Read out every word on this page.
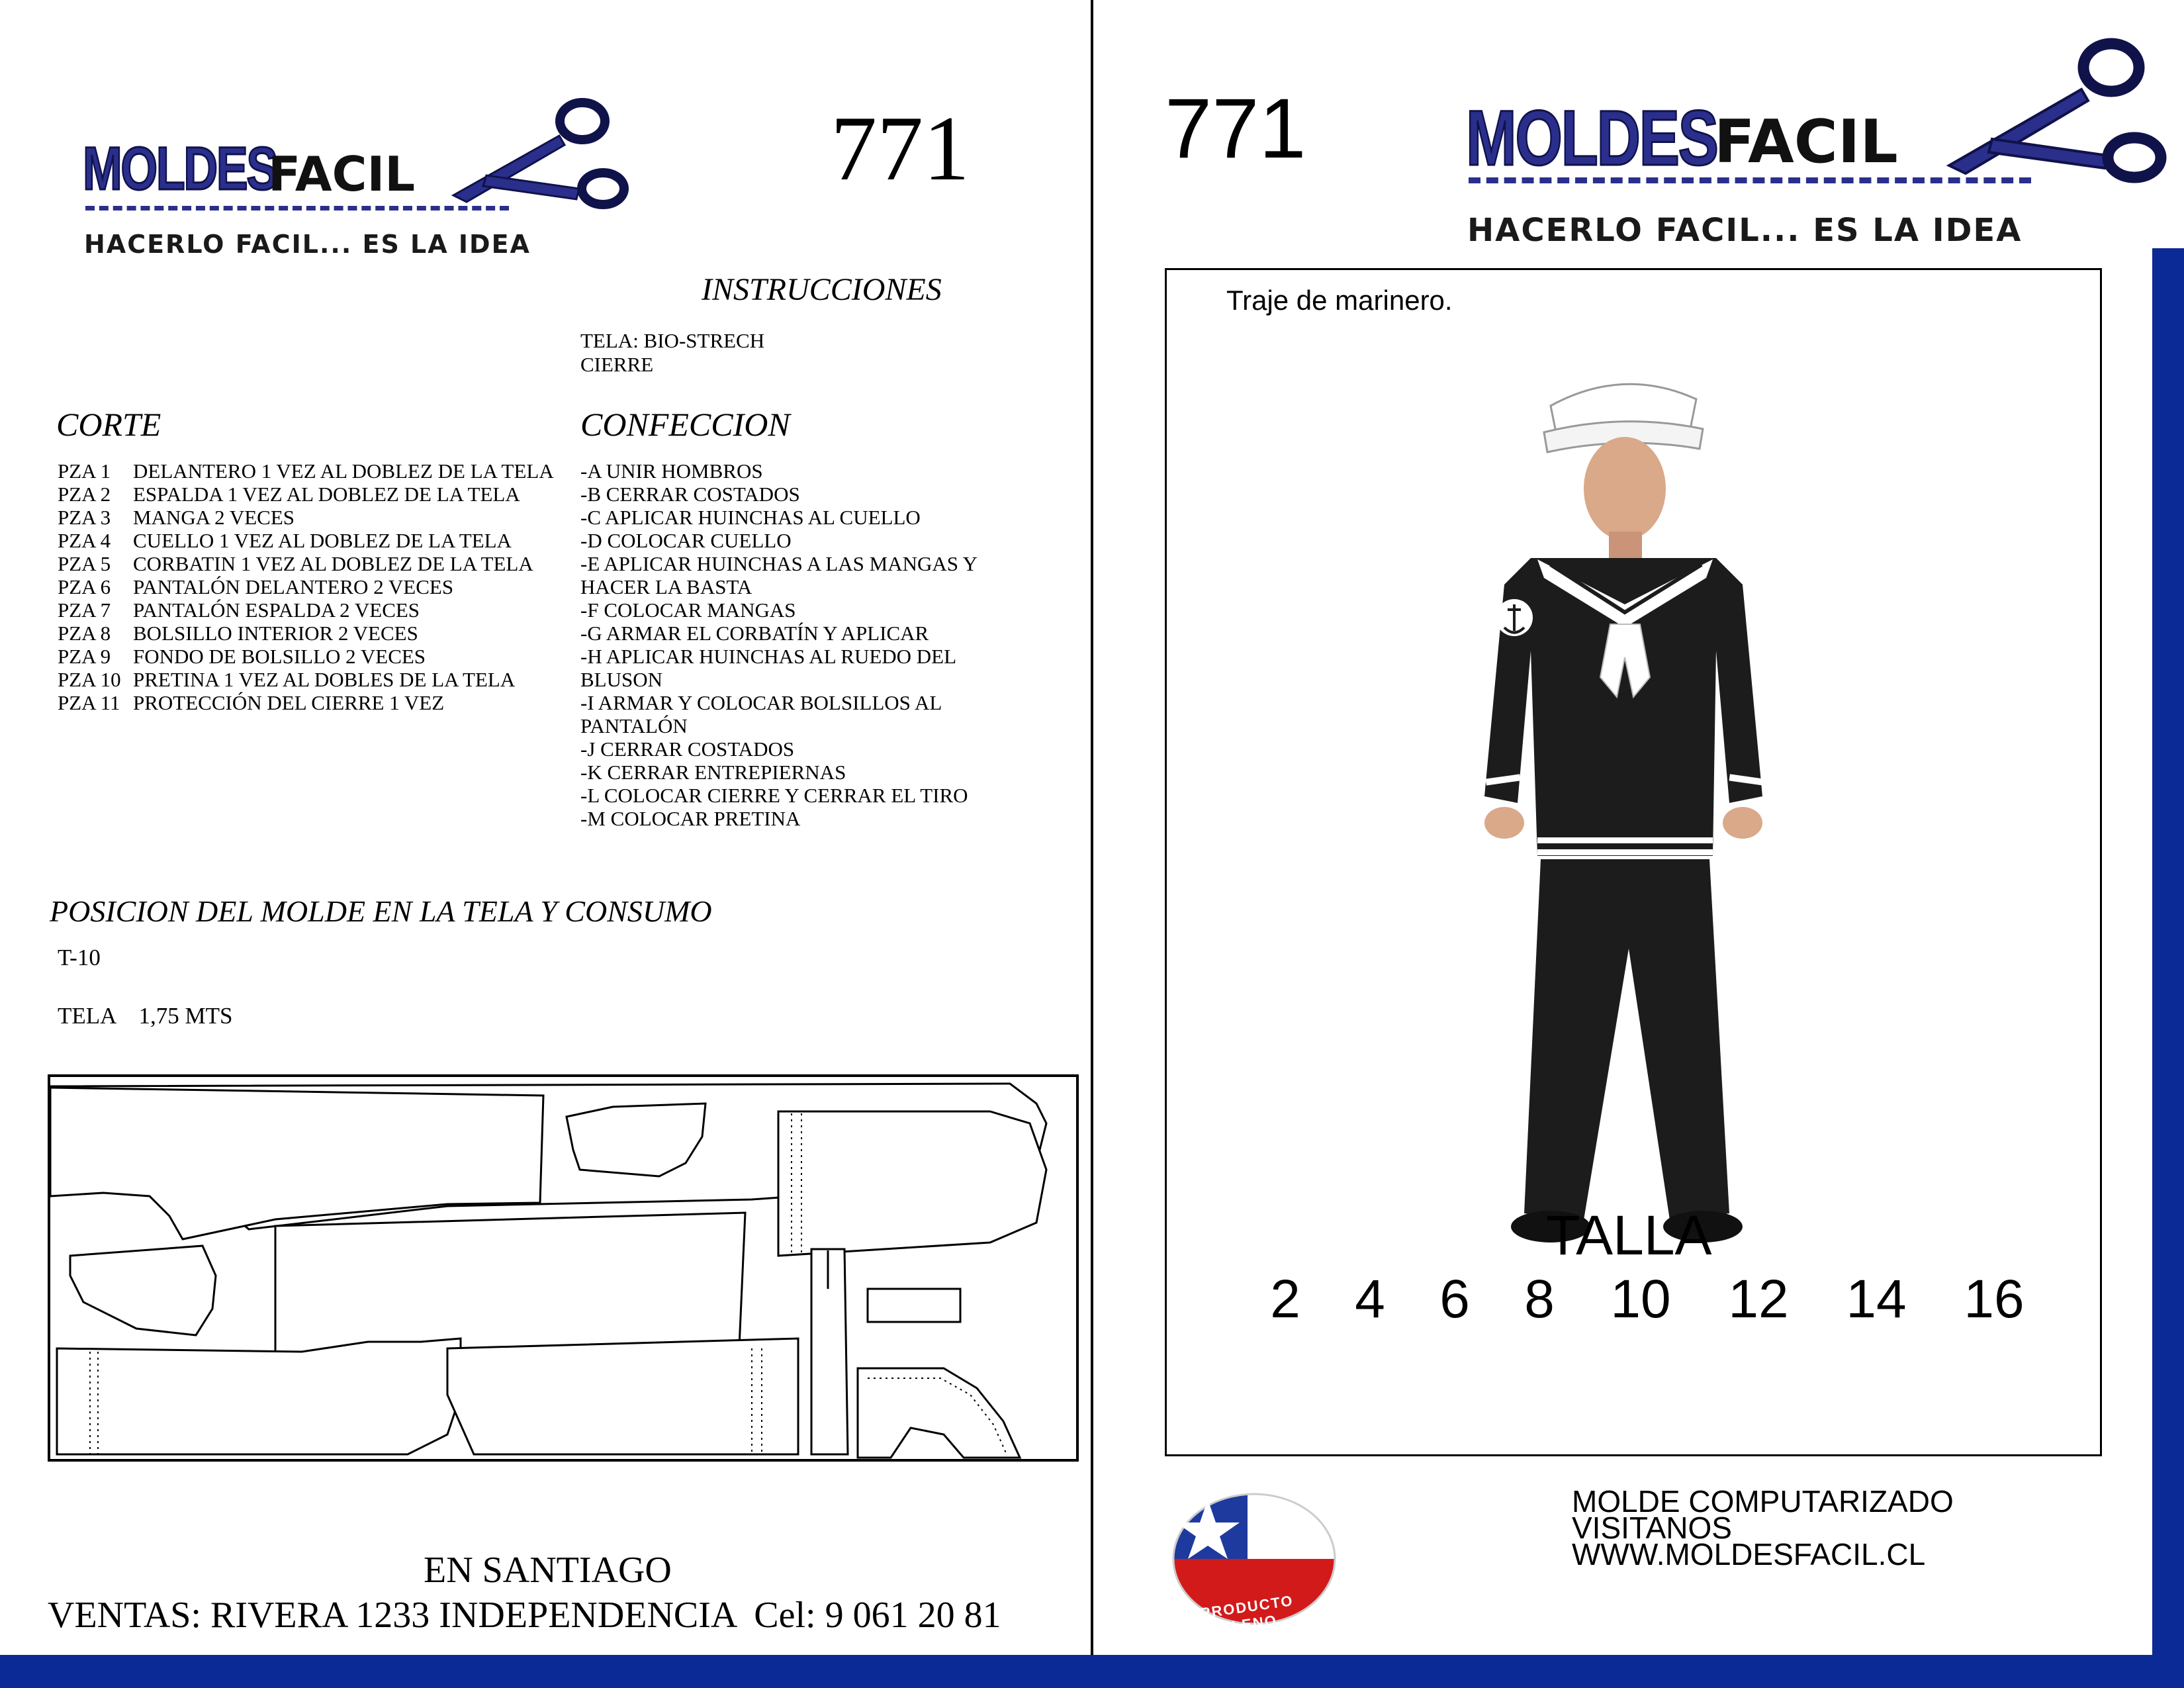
MOLDES
FACIL
HACERLO FACIL... ES LA IDEA
771
INSTRUCCIONES
TELA: BIO-STRECH
CIERRE
CORTE
PZA 1	DELANTERO 1 VEZ AL DOBLEZ DE LA TELA
PZA 2	ESPALDA 1 VEZ AL DOBLEZ DE LA TELA
PZA 3	MANGA 2 VECES
PZA 4	CUELLO 1 VEZ AL DOBLEZ DE LA TELA
PZA 5	CORBATIN 1 VEZ AL DOBLEZ DE LA TELA
PZA 6	PANTALÓN DELANTERO 2 VECES
PZA 7	PANTALÓN ESPALDA 2 VECES
PZA 8	BOLSILLO INTERIOR 2 VECES
PZA 9	FONDO DE BOLSILLO 2 VECES
PZA 10 PRETINA 1 VEZ AL DOBLES DE LA TELA
PZA 11 PROTECCIÓN DEL CIERRE 1 VEZ
CONFECCION
-A UNIR HOMBROS
-B CERRAR COSTADOS
-C APLICAR HUINCHAS AL CUELLO
-D COLOCAR CUELLO
-E APLICAR HUINCHAS A LAS MANGAS Y
HACER LA BASTA
-F COLOCAR MANGAS
-G ARMAR EL CORBATÍN Y APLICAR
-H APLICAR HUINCHAS AL RUEDO DEL
BLUSON
-I ARMAR Y COLOCAR BOLSILLOS AL
PANTALÓN
-J CERRAR COSTADOS
-K CERRAR ENTREPIERNAS
-L COLOCAR CIERRE Y CERRAR EL TIRO
-M COLOCAR PRETINA
POSICION DEL MOLDE EN LA TELA Y CONSUMO
T-10
TELA    1,75 MTS
EN SANTIAGO
VENTAS: RIVERA 1233 INDEPENDENCIA  Cel: 9 061 20 81
771 MOLDES
FACIL
HACERLO FACIL... ES LA IDEA
Traje de marinero.
TALLA
2	4	6	8	10	12	14	16
PRODUCTO CHILENO
MOLDE COMPUTARIZADO
VISITANOS
WWW.MOLDESFACIL.CL
